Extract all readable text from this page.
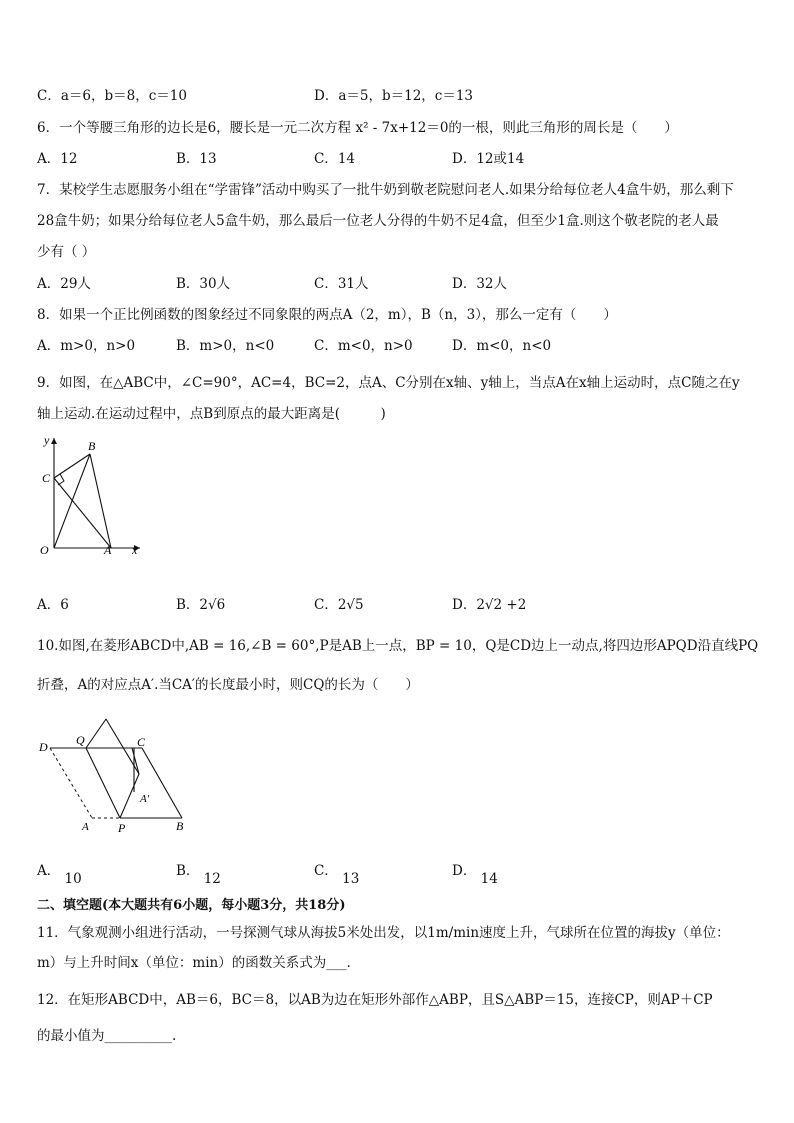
C．a＝6，b＝8，c＝10	D．a＝5，b＝12，c＝13
6．一个等腰三角形的边长是6，腰长是一元二次方程 x² - 7x+12＝0的一根，则此三角形的周长是（　　）
A．12	B．13	C．14	D．12或14
7．某校学生志愿服务小组在“学雷锋”活动中购买了一批牛奶到敬老院慰问老人.如果分给每位老人4盒牛奶，那么剩下
28盒牛奶；如果分给每位老人5盒牛奶，那么最后一位老人分得的牛奶不足4盒，但至少1盒.则这个敬老院的老人最
少有（ ）
A．29人	B．30人	C．31人	D．32人
8．如果一个正比例函数的图象经过不同象限的两点A（2，m），B（n，3），那么一定有（　　）
A．m>0，n>0	B．m>0，n<0	C．m<0，n>0	D．m<0，n<0
9．如图，在△ABC中，∠C=90°，AC=4，BC=2，点A、C分别在x轴、y轴上，当点A在x轴上运动时，点C随之在y
轴上运动.在运动过程中，点B到原点的最大距离是(　　　)
y	B
C
O	A x
A．6	B．2√6	C．2√5	D．2√2 +2
10.如图,在菱形ABCD中,AB = 16,∠B = 60°,P是AB上一点，BP = 10，Q是CD边上一动点,将四边形APQD沿直线PQ
折叠，A的对应点A′.当CA′的长度最小时，则CQ的长为（　　）
D Q	C
A′
A P	B
A． 10	B． 12	C． 13	D． 14
二、填空题(本大题共有6小题，每小题3分，共18分)
11．气象观测小组进行活动，一号探测气球从海拔5米处出发，以1m/min速度上升，气球所在位置的海拔y（单位：
m）与上升时间x（单位：min）的函数关系式为___.
12．在矩形ABCD中，AB＝6，BC＝8，以AB为边在矩形外部作△ABP，且S△ABP＝15，连接CP，则AP＋CP
的最小值为__________.
